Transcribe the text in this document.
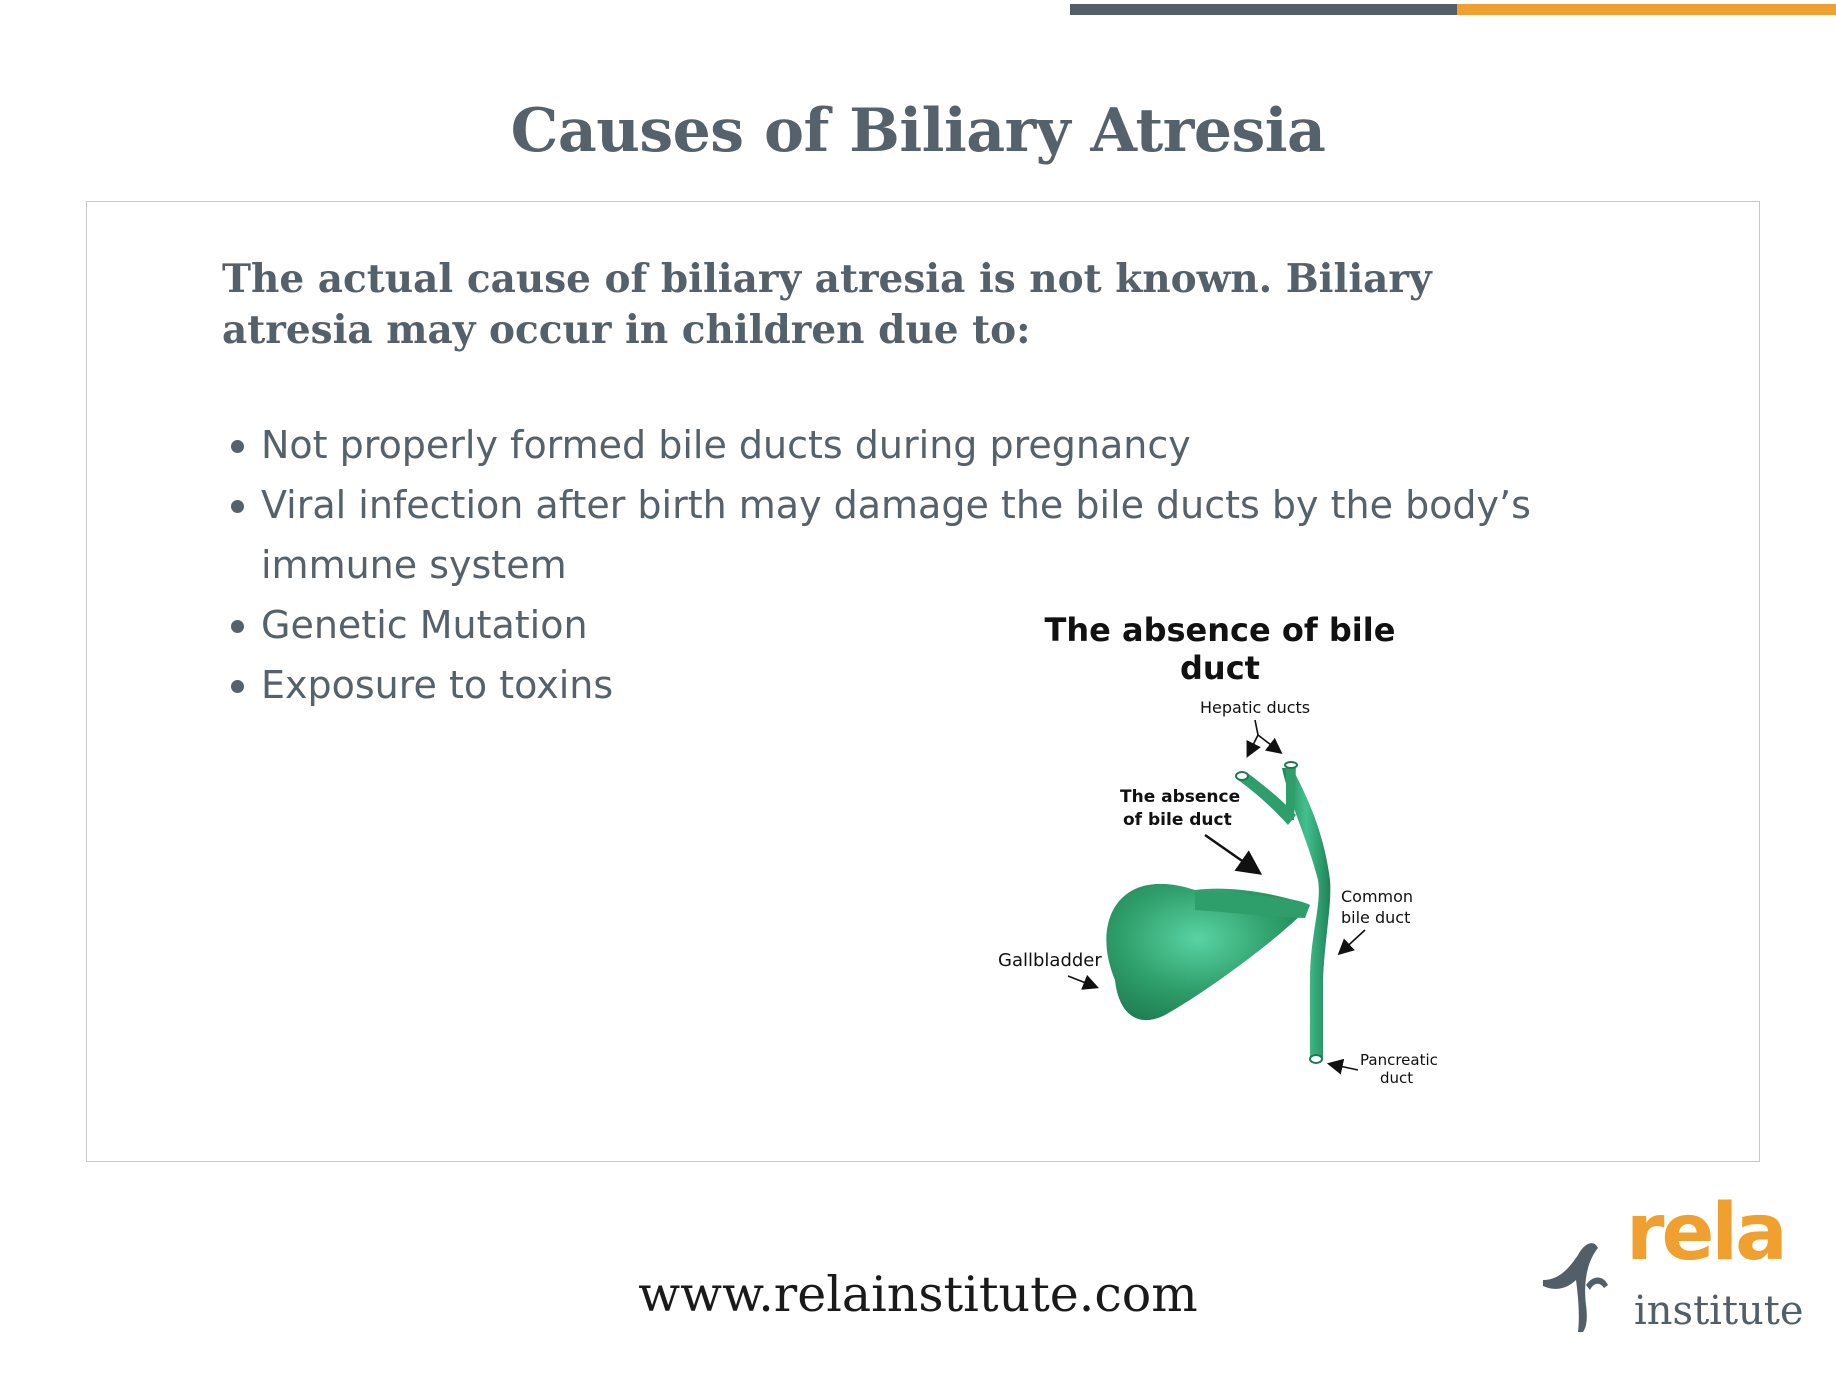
Causes of Biliary Atresia
The actual cause of biliary atresia is not known. Biliary atresia may occur in children due to:
Not properly formed bile ducts during pregnancy
Viral infection after birth may damage the bile ducts by the body’s immune system
Genetic Mutation
Exposure to toxins
The absence of bile duct
Hepatic ducts
The absence
of bile duct
Common
bile duct
Gallbladder
Pancreatic
duct
www.relainstitute.com
rela
institute
